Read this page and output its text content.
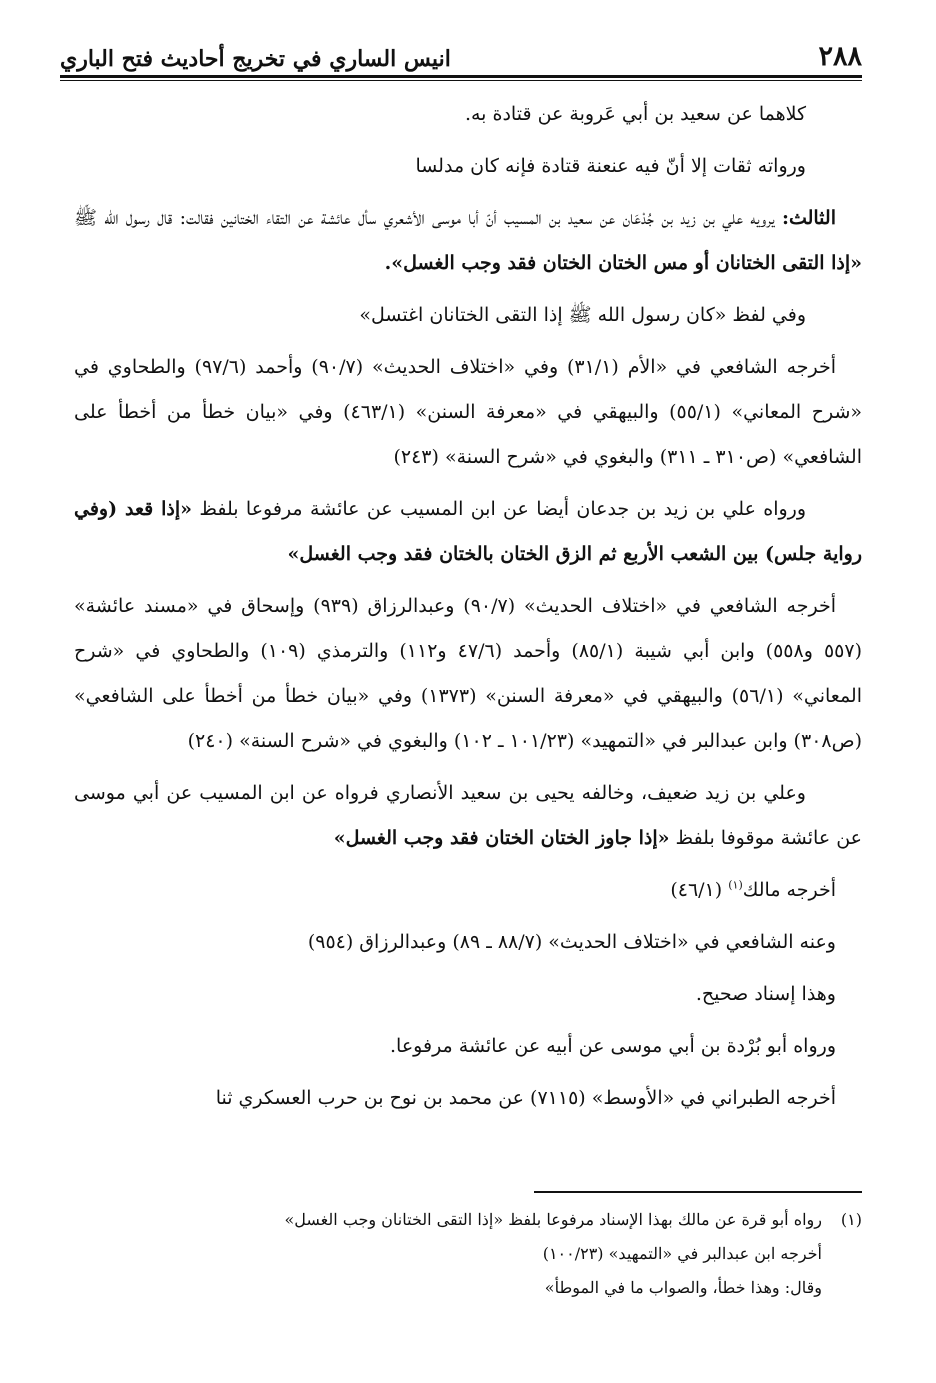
٢٨٨
انيس الساري في تخريج أحاديث فتح الباري

كلاهما عن سعيد بن أبي عَروبة عن قتادة به.

ورواته ثقات إلا أنّ فيه عنعنة قتادة فإنه كان مدلسا

الثالث: يرويه علي بن زيد بن جُدْعَان عن سعيد بن المسيب أنّ أبا موسى الأشعري سأل عائشة عن التقاء الختانين فقالت: قال رسول الله ﷺ «إذا التقى الختانان أو مس الختان الختان فقد وجب الغسل».

وفي لفظ «كان رسول الله ﷺ إذا التقى الختانان اغتسل»

أخرجه الشافعي في «الأم (٣١/١) وفي «اختلاف الحديث» (٩٠/٧) وأحمد (٩٧/٦) والطحاوي في «شرح المعاني» (٥٥/١) والبيهقي في «معرفة السنن» (٤٦٣/١) وفي «بيان خطأ من أخطأ على الشافعي» (ص٣١٠ ـ ٣١١) والبغوي في «شرح السنة» (٢٤٣)

ورواه علي بن زيد بن جدعان أيضا عن ابن المسيب عن عائشة مرفوعا بلفظ «إذا قعد (وفي رواية جلس) بين الشعب الأربع ثم الزق الختان بالختان فقد وجب الغسل»

أخرجه الشافعي في «اختلاف الحديث» (٩٠/٧) وعبدالرزاق (٩٣٩) وإسحاق في «مسند عائشة» (٥٥٧ و٥٥٨) وابن أبي شيبة (٨٥/١) وأحمد (٤٧/٦ و١١٢) والترمذي (١٠٩) والطحاوي في «شرح المعاني» (٥٦/١) والبيهقي في «معرفة السنن» (١٣٧٣) وفي «بيان خطأ من أخطأ على الشافعي» (ص٣٠٨) وابن عبدالبر في «التمهيد» (١٠١/٢٣ ـ ١٠٢) والبغوي في «شرح السنة» (٢٤٠)

وعلي بن زيد ضعيف، وخالفه يحيى بن سعيد الأنصاري فرواه عن ابن المسيب عن أبي موسى عن عائشة موقوفا بلفظ «إذا جاوز الختان الختان فقد وجب الغسل»

أخرجه مالك$^{(١)}$ (٤٦/١)

وعنه الشافعي في «اختلاف الحديث» (٨٨/٧ ـ ٨٩) وعبدالرزاق (٩٥٤)

وهذا إسناد صحيح.

ورواه أبو بُرْدة بن أبي موسى عن أبيه عن عائشة مرفوعا.

أخرجه الطبراني في «الأوسط» (٧١١٥) عن محمد بن نوح بن حرب العسكري ثنا

(١)
رواه أبو قرة عن مالك بهذا الإسناد مرفوعا بلفظ «إذا التقى الختانان وجب الغسل»
أخرجه ابن عبدالبر في «التمهيد» (١٠٠/٢٣)
وقال: وهذا خطأ، والصواب ما في الموطأ»
